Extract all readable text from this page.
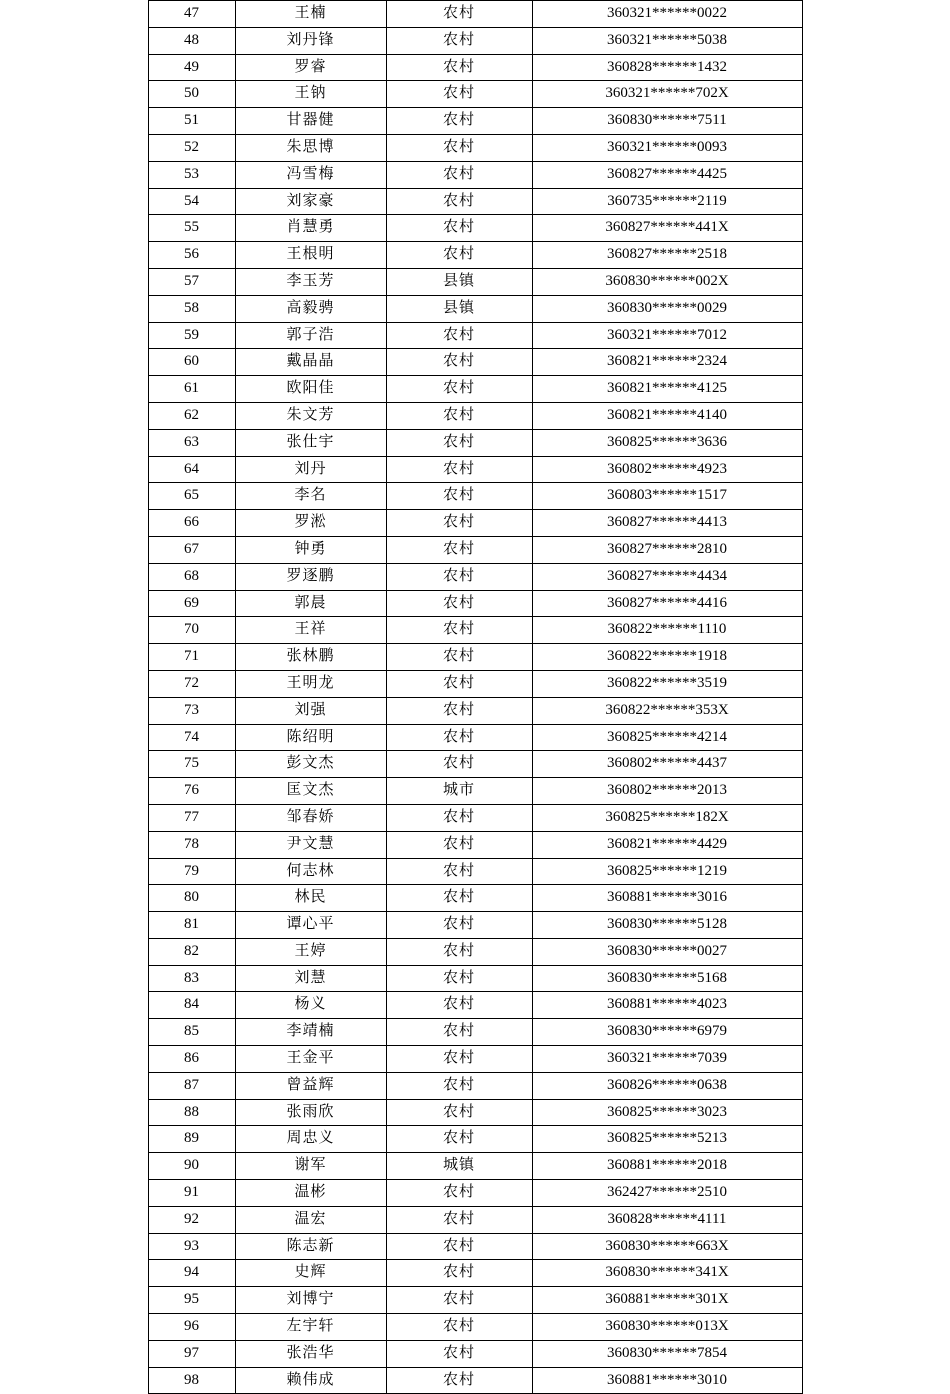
47	王楠	农村	360321******0022
48	刘丹锋	农村	360321******5038
49	罗睿	农村	360828******1432
50	王钠	农村	360321******702X
51	甘器健	农村	360830******7511
52	朱思博	农村	360321******0093
53	冯雪梅	农村	360827******4425
54	刘家豪	农村	360735******2119
55	肖慧勇	农村	360827******441X
56	王根明	农村	360827******2518
57	李玉芳	县镇	360830******002X
58	高毅骋	县镇	360830******0029
59	郭子浩	农村	360321******7012
60	戴晶晶	农村	360821******2324
61	欧阳佳	农村	360821******4125
62	朱文芳	农村	360821******4140
63	张仕宇	农村	360825******3636
64	刘丹	农村	360802******4923
65	李名	农村	360803******1517
66	罗淞	农村	360827******4413
67	钟勇	农村	360827******2810
68	罗逐鹏	农村	360827******4434
69	郭晨	农村	360827******4416
70	王祥	农村	360822******1110
71	张林鹏	农村	360822******1918
72	王明龙	农村	360822******3519
73	刘强	农村	360822******353X
74	陈绍明	农村	360825******4214
75	彭文杰	农村	360802******4437
76	匡文杰	城市	360802******2013
77	邹春娇	农村	360825******182X
78	尹文慧	农村	360821******4429
79	何志林	农村	360825******1219
80	林民	农村	360881******3016
81	谭心平	农村	360830******5128
82	王婷	农村	360830******0027
83	刘慧	农村	360830******5168
84	杨义	农村	360881******4023
85	李靖楠	农村	360830******6979
86	王金平	农村	360321******7039
87	曾益辉	农村	360826******0638
88	张雨欣	农村	360825******3023
89	周忠义	农村	360825******5213
90	谢军	城镇	360881******2018
91	温彬	农村	362427******2510
92	温宏	农村	360828******4111
93	陈志新	农村	360830******663X
94	史辉	农村	360830******341X
95	刘博宁	农村	360881******301X
96	左宇轩	农村	360830******013X
97	张浩华	农村	360830******7854
98	赖伟成	农村	360881******3010
